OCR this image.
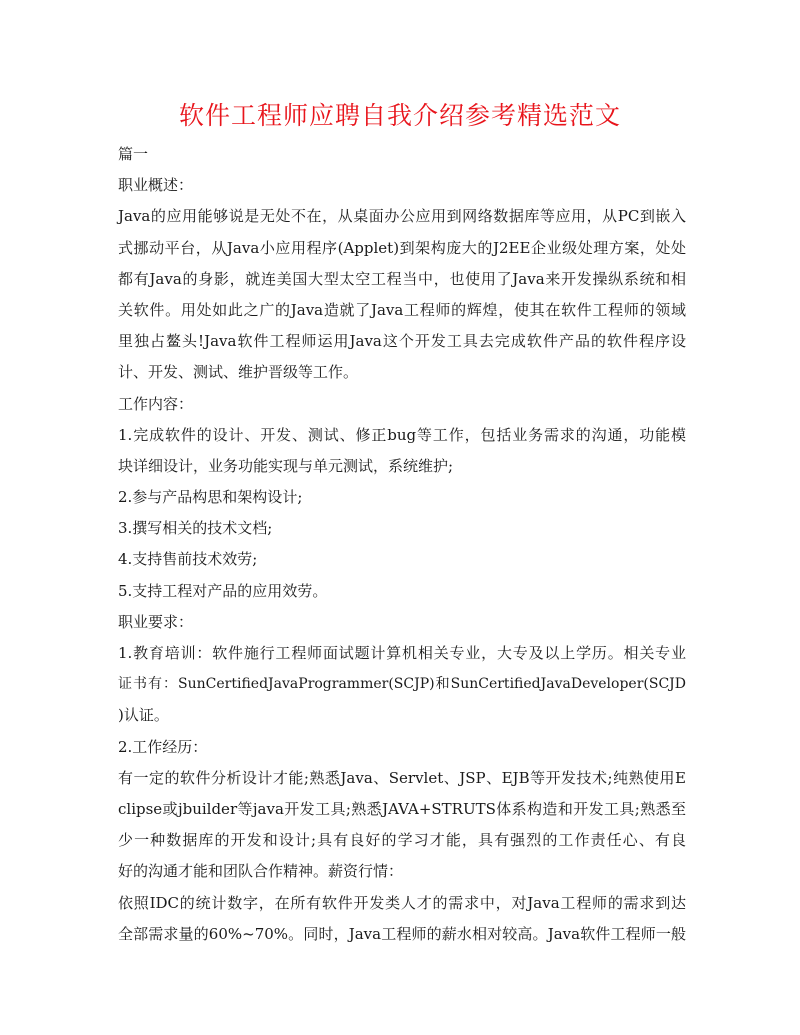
软件工程师应聘自我介绍参考精选范文
篇一
职业概述：
Java的应用能够说是无处不在，从桌面办公应用到网络数据库等应用，从PC到嵌入
式挪动平台，从Java小应用程序(Applet)到架构庞大的J2EE企业级处理方案，处处
都有Java的身影，就连美国大型太空工程当中，也使用了Java来开发操纵系统和相
关软件。用处如此之广的Java造就了Java工程师的辉煌，使其在软件工程师的领域
里独占鳌头!Java软件工程师运用Java这个开发工具去完成软件产品的软件程序设
计、开发、测试、维护晋级等工作。
工作内容：
1.完成软件的设计、开发、测试、修正bug等工作，包括业务需求的沟通，功能模
块详细设计，业务功能实现与单元测试，系统维护;
2.参与产品构思和架构设计;
3.撰写相关的技术文档;
4.支持售前技术效劳;
5.支持工程对产品的应用效劳。
职业要求：
1.教育培训：软件施行工程师面试题计算机相关专业，大专及以上学历。相关专业
证书有：SunCertifiedJavaProgrammer(SCJP)和SunCertifiedJavaDeveloper(SCJD
)认证。
2.工作经历：
有一定的软件分析设计才能;熟悉Java、Servlet、JSP、EJB等开发技术;纯熟使用E
clipse或jbuilder等java开发工具;熟悉JAVA+STRUTS体系构造和开发工具;熟悉至
少一种数据库的开发和设计;具有良好的学习才能，具有强烈的工作责任心、有良
好的沟通才能和团队合作精神。薪资行情：
依照IDC的统计数字，在所有软件开发类人才的需求中，对Java工程师的需求到达
全部需求量的60%~70%。同时，Java工程师的薪水相对较高。Java软件工程师一般
